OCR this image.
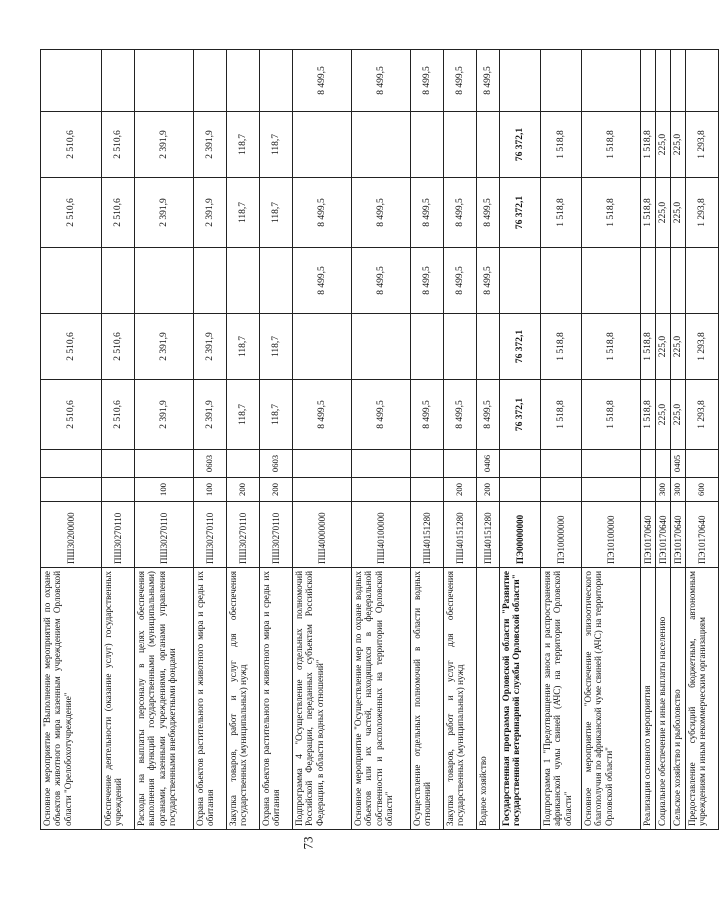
73
Основное мероприятие "Выполнение мероприятий по охране объектов животного мира казенным учреждением Орловской области "Орелобохотучреждение"	ПШ30200000			2 510,6	2 510,6		2 510,6	2 510,6	
Обеспечение деятельности (оказание услуг) государственных учреждений	ПШ30270110			2 510,6	2 510,6		2 510,6	2 510,6	
Расходы на выплаты персоналу в целях обеспечения выполнения функций государственными (муниципальными) органами, казенными учреждениями, органами управления государственными внебюджетными фондами	ПШ30270110	100		2 391,9	2 391,9		2 391,9	2 391,9	
Охрана объектов растительного и животного мира и среды их обитания	ПШ30270110	100	0603	2 391,9	2 391,9		2 391,9	2 391,9	
Закупка товаров, работ и услуг для обеспечения государственных (муниципальных) нужд	ПШ30270110	200		118,7	118,7		118,7	118,7	
Охрана объектов растительного и животного мира и среды их обитания	ПШ30270110	200	0603	118,7	118,7		118,7	118,7	
Подпрограмма 4 "Осуществление отдельных полномочий Российской Федерации, переданных субъектам Российской Федерации, в области водных отношений"	ПШ40000000			8 499,5		8 499,5	8 499,5		8 499,5
Основное мероприятие "Осуществление мер по охране водных объектов или их частей, находящихся в федеральной собственности и расположенных на территории Орловской области"	ПШ40100000			8 499,5		8 499,5	8 499,5		8 499,5
Осуществление отдельных полномочий в области водных отношений	ПШ40151280			8 499,5		8 499,5	8 499,5		8 499,5
Закупка товаров, работ и услуг для обеспечения государственных (муниципальных) нужд	ПШ40151280	200		8 499,5		8 499,5	8 499,5		8 499,5
Водное хозяйство	ПШ40151280	200	0406	8 499,5		8 499,5	8 499,5		8 499,5
Государственная программа Орловской области "Развитие государственной ветеринарной службы Орловской области"	ПЭ00000000			76 372,1	76 372,1		76 372,1	76 372,1	
Подпрограмма 1 "Предотвращение заноса и распространения африканской чумы свиней (АЧС) на территории Орловской области"	ПЭ10000000			1 518,8	1 518,8		1 518,8	1 518,8	
Основное мероприятие "Обеспечение эпизоотического благополучия по африканской чуме свиней (АЧС) на территории Орловской области"	ПЭ10100000			1 518,8	1 518,8		1 518,8	1 518,8	
Реализация основного мероприятия	ПЭ10170640			1 518,8	1 518,8		1 518,8	1 518,8	
Социальное обеспечение и иные выплаты населению	ПЭ10170640	300		225,0	225,0		225,0	225,0	
Сельское хозяйство и рыболовство	ПЭ10170640	300	0405	225,0	225,0		225,0	225,0	
Предоставление субсидий бюджетным, автономным учреждениям и иным некоммерческим организациям	ПЭ10170640	600		1 293,8	1 293,8		1 293,8	1 293,8	
